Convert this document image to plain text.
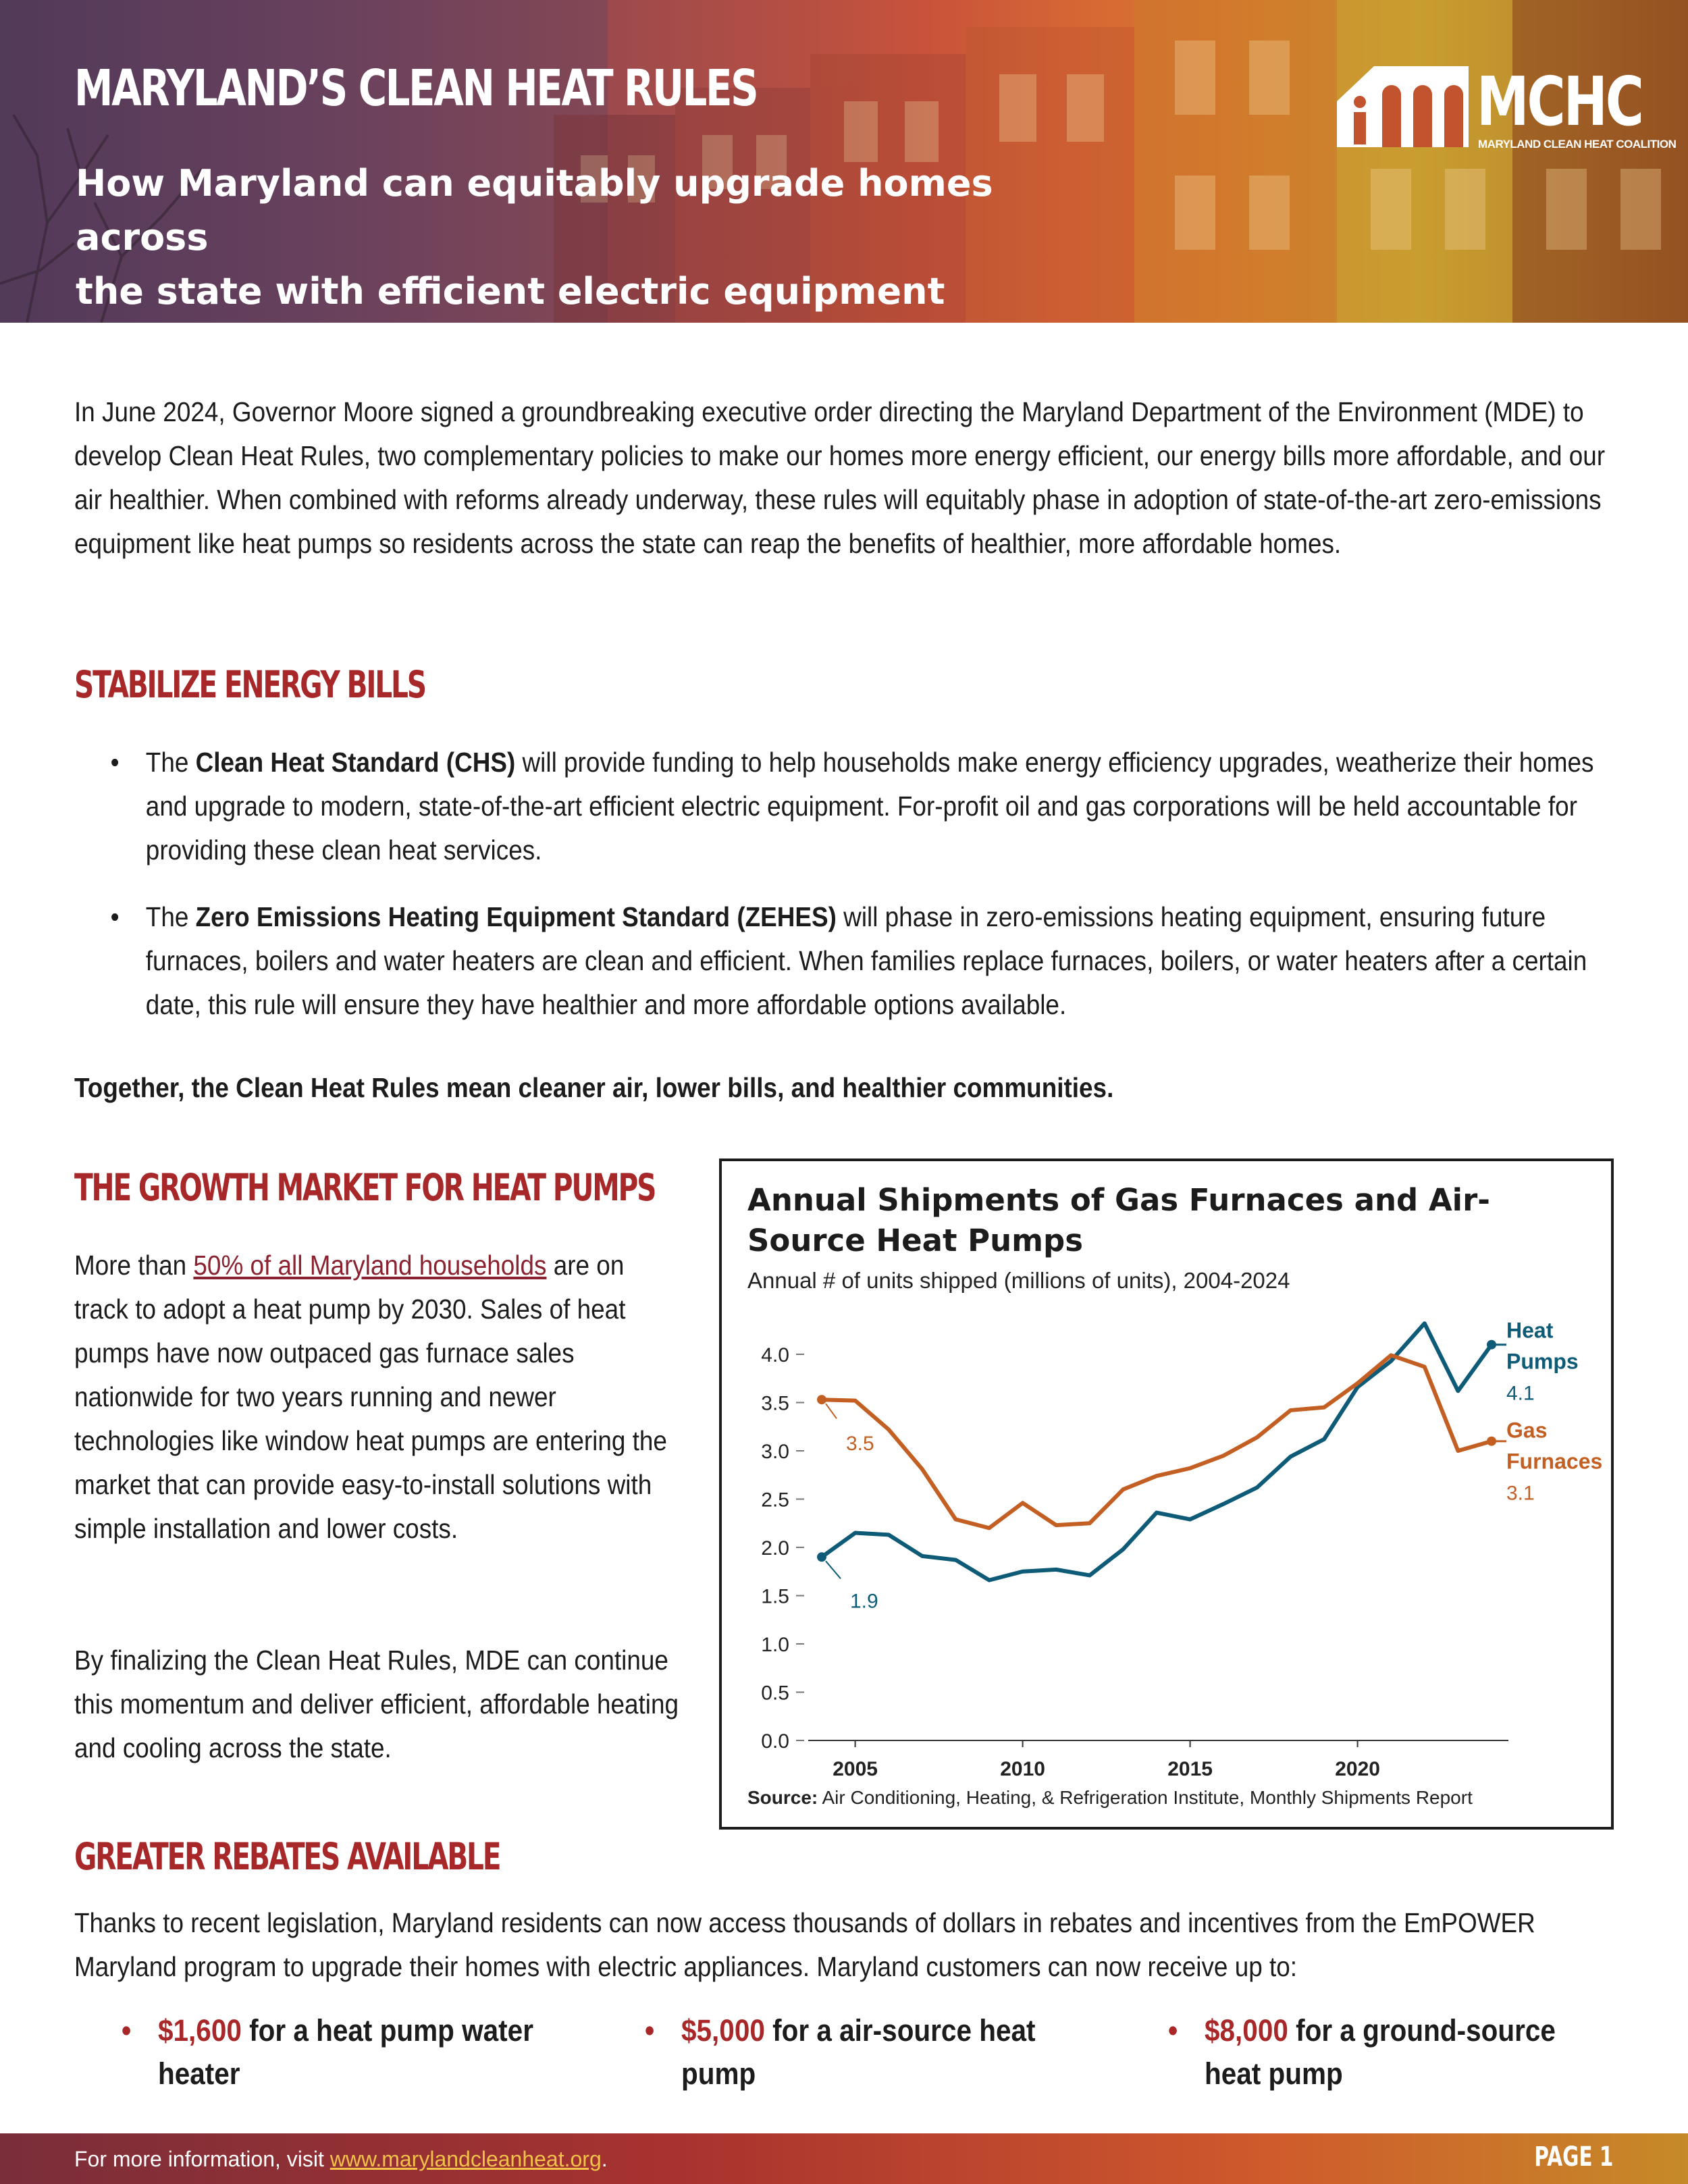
MARYLAND’S CLEAN HEAT RULES
How Maryland can equitably upgrade homes across
the state with efficient electric equipment
MCHC
MARYLAND CLEAN HEAT COALITION

In June 2024, Governor Moore signed a groundbreaking executive order directing the Maryland Department of the Environment (MDE) to develop Clean Heat Rules, two complementary policies to make our homes more energy efficient, our energy bills more affordable, and our air healthier. When combined with reforms already underway, these rules will equitably phase in adoption of state-of-the-art zero-emissions equipment like heat pumps so residents across the state can reap the benefits of healthier, more affordable homes.

STABILIZE ENERGY BILLS
• The Clean Heat Standard (CHS) will provide funding to help households make energy efficiency upgrades, weatherize their homes and upgrade to modern, state-of-the-art efficient electric equipment. For-profit oil and gas corporations will be held accountable for providing these clean heat services.
• The Zero Emissions Heating Equipment Standard (ZEHES) will phase in zero-emissions heating equipment, ensuring future furnaces, boilers and water heaters are clean and efficient. When families replace furnaces, boilers, or water heaters after a certain date, this rule will ensure they have healthier and more affordable options available.
Together, the Clean Heat Rules mean cleaner air, lower bills, and healthier communities.
THE GROWTH MARKET FOR HEAT PUMPS

More than 50% of all Maryland households are on track to adopt a heat pump by 2030. Sales of heat pumps have now outpaced gas furnace sales nationwide for two years running and newer technologies like window heat pumps are entering the market that can provide easy-to-install solutions with simple installation and lower costs.

By finalizing the Clean Heat Rules, MDE can continue this momentum and deliver efficient, affordable heating and cooling across the state.

Annual Shipments of Gas Furnaces and Air-Source Heat Pumps
Annual # of units shipped (millions of units), 2004-2024
0.0
0.5
1.0
1.5
2.0
2.5
3.0
3.5
4.0
2005	2010	2015	2020
1.9
Heat
Pumps
4.1
3.5
Gas
Furnaces
3.1
Source: Air Conditioning, Heating, & Refrigeration Institute, Monthly Shipments Report
GREATER REBATES AVAILABLE

Thanks to recent legislation, Maryland residents can now access thousands of dollars in rebates and incentives from the EmPOWER Maryland program to upgrade their homes with electric appliances. Maryland customers can now receive up to:

• $1,600 for a heat pump water heater
• $5,000 for a air-source heat pump
• $8,000 for a ground-source heat pump
For more information, visit www.marylandcleanheat.org.	PAGE 1
